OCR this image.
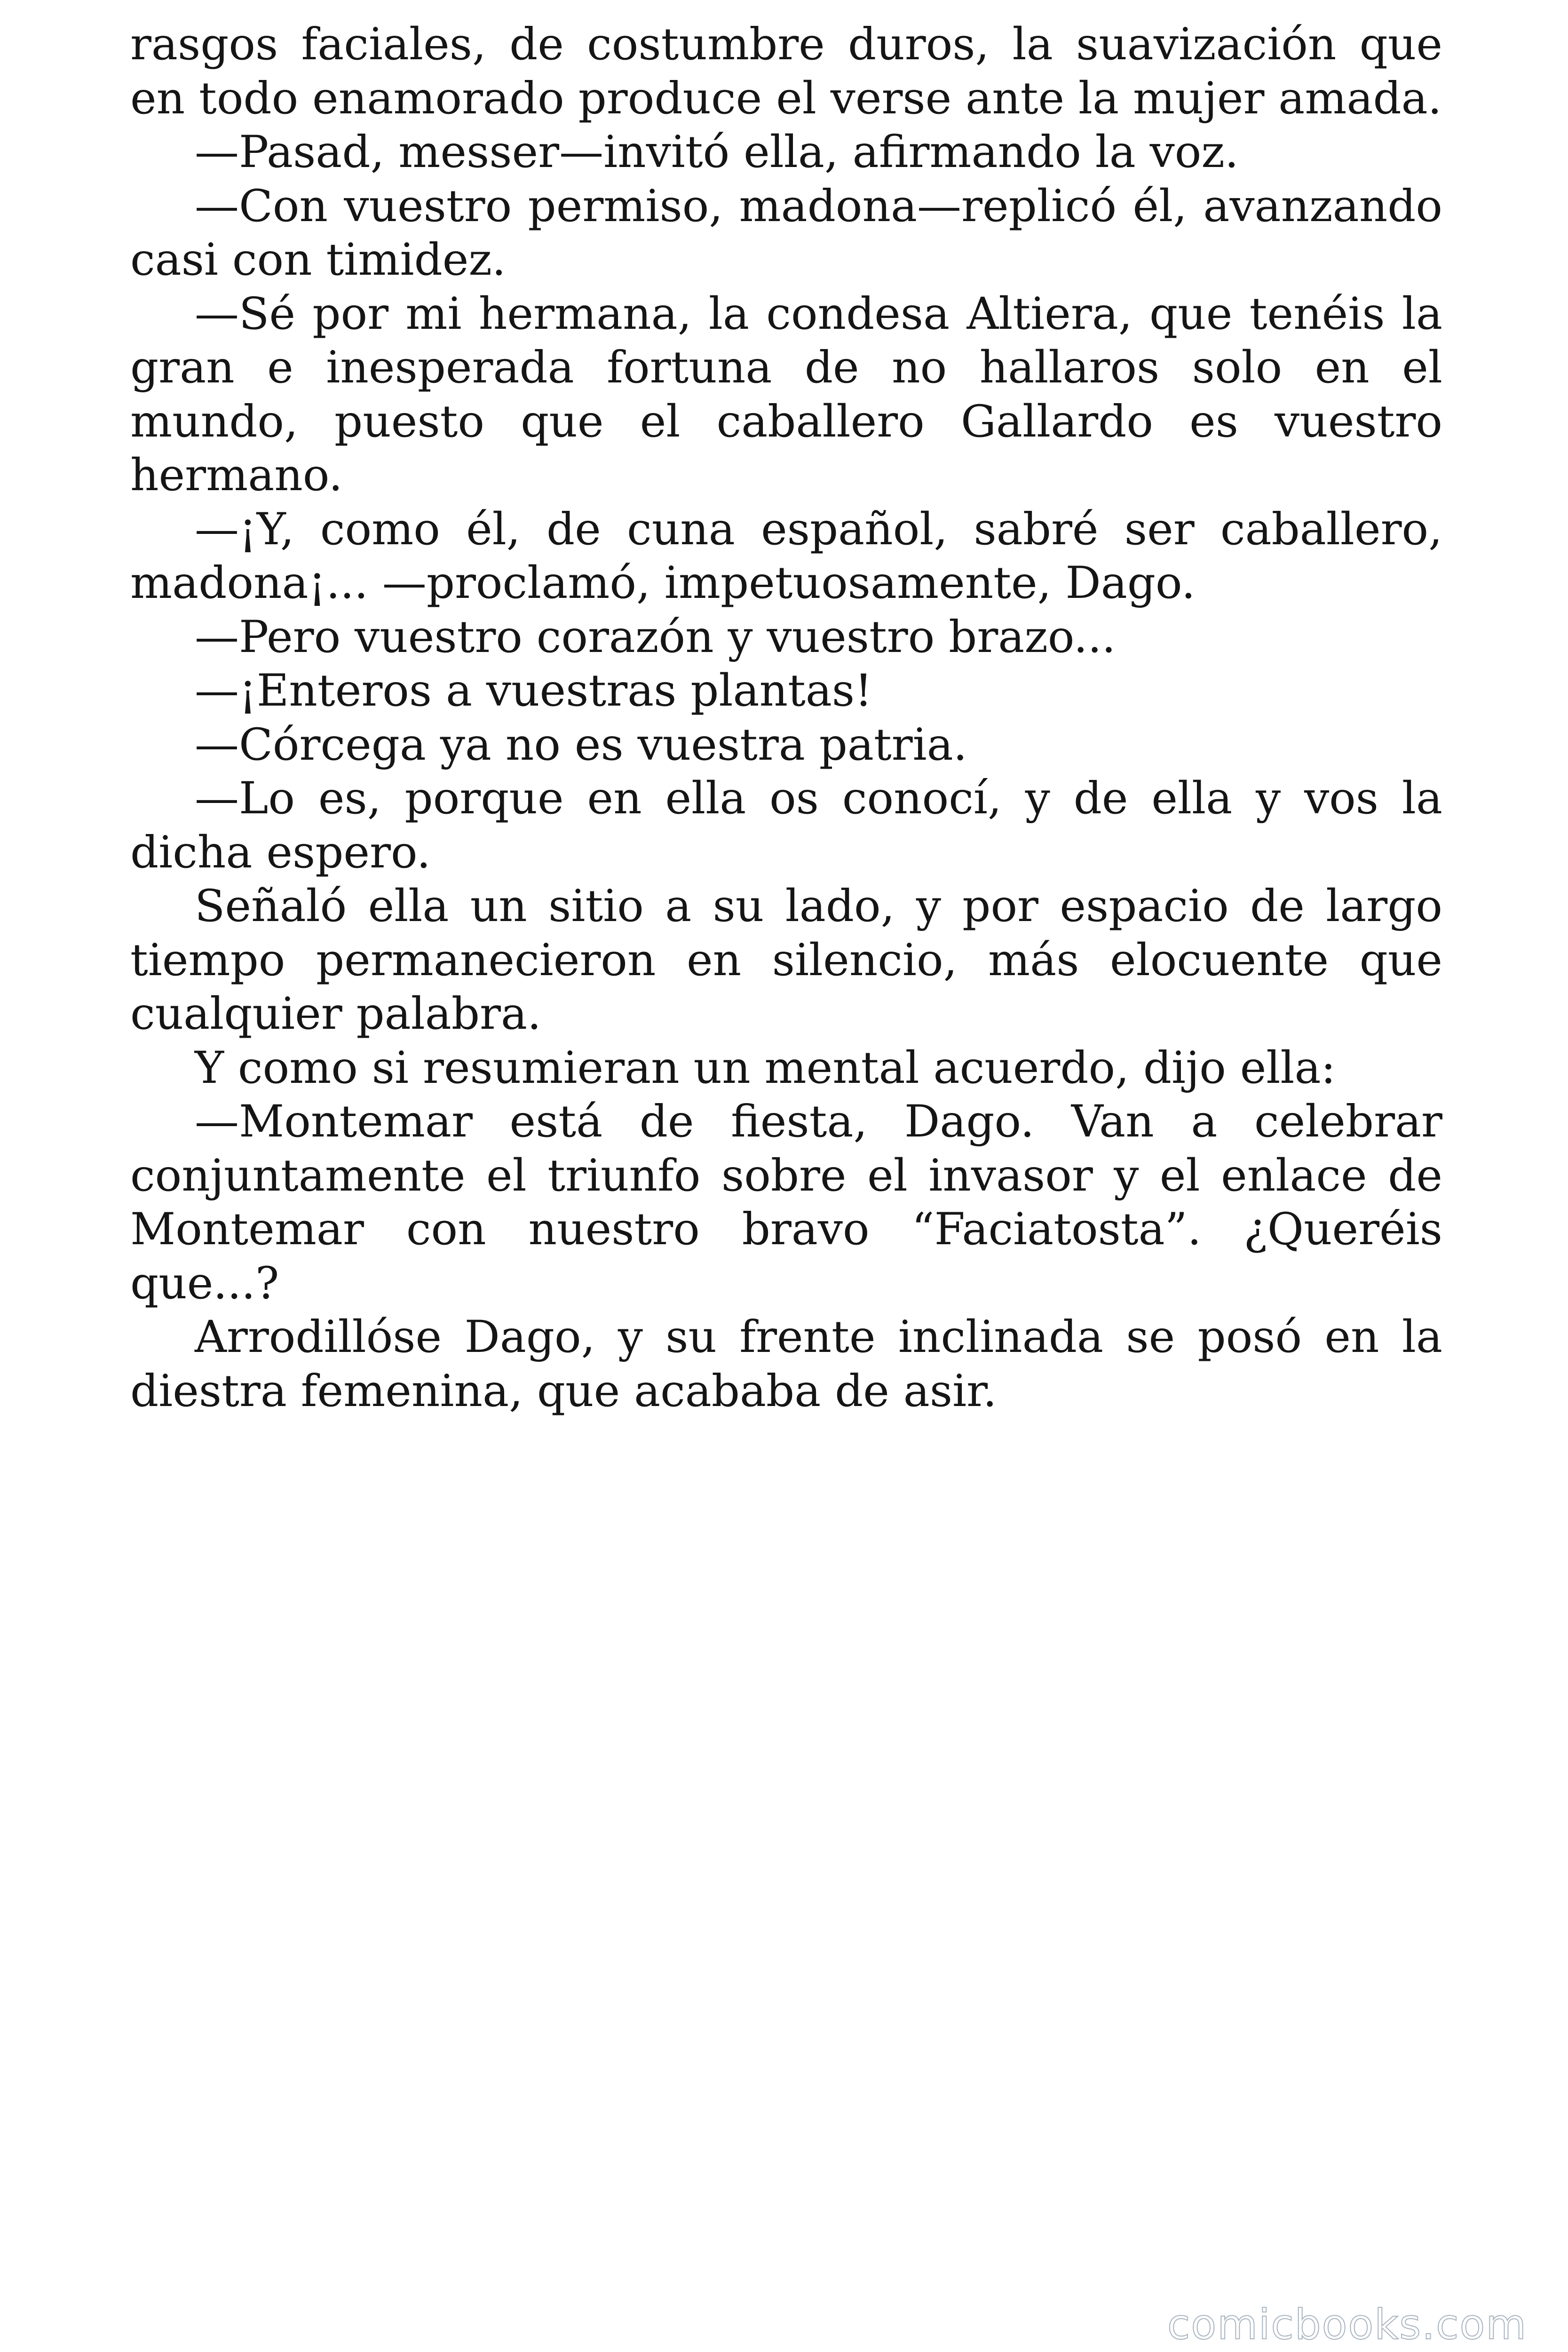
rasgos faciales, de costumbre duros, la suavización que en todo enamorado produce el verse ante la mujer amada.

—Pasad, messer—invitó ella, afirmando la voz.

—Con vuestro permiso, madona—replicó él, avanzando casi con timidez.

—Sé por mi hermana, la condesa Altiera, que tenéis la gran e inesperada fortuna de no hallaros solo en el mundo, puesto que el caballero Gallardo es vuestro hermano.

—¡Y, como él, de cuna español, sabré ser caballero, madona¡... —proclamó, impetuosamente, Dago.

—Pero vuestro corazón y vuestro brazo...

—¡Enteros a vuestras plantas!

—Córcega ya no es vuestra patria.

—Lo es, porque en ella os conocí, y de ella y vos la dicha espero.

Señaló ella un sitio a su lado, y por espacio de largo tiempo permanecieron en silencio, más elocuente que cualquier palabra.

Y como si resumieran un mental acuerdo, dijo ella:

—Montemar está de fiesta, Dago. Van a celebrar conjuntamente el triunfo sobre el invasor y el enlace de Montemar con nuestro bravo “Faciatosta”. ¿Queréis que...?

Arrodillóse Dago, y su frente inclinada se posó en la diestra femenina, que acababa de asir.

comicbooks.com
